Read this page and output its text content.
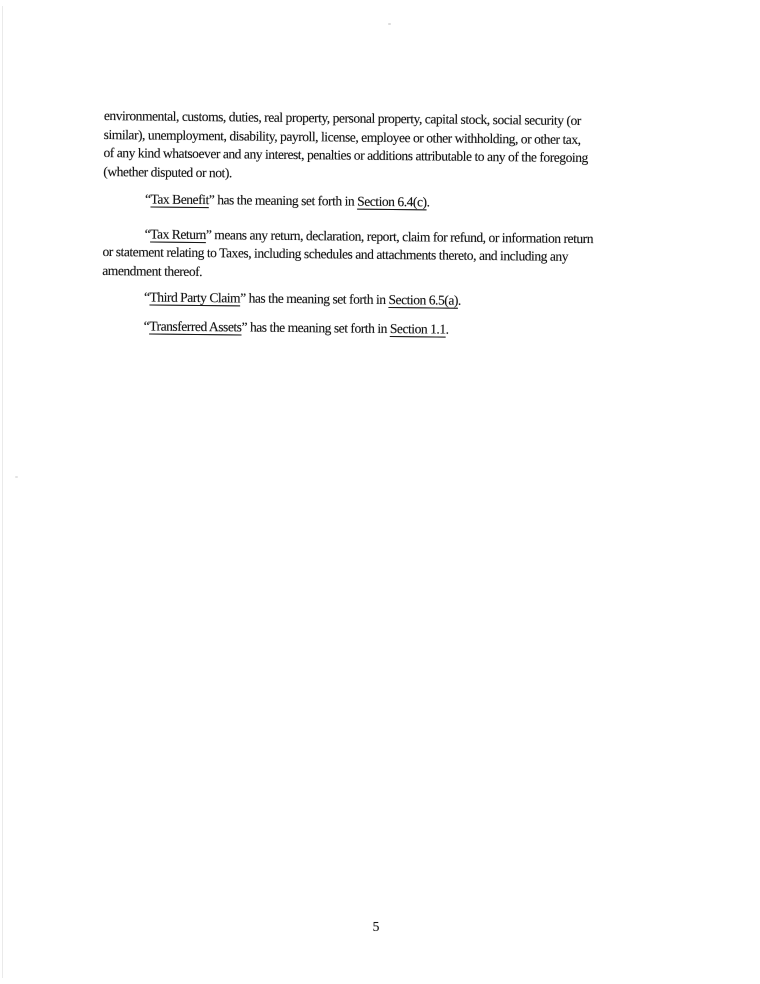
environmental, customs, duties, real property, personal property, capital stock, social security (or
similar), unemployment, disability, payroll, license, employee or other withholding, or other tax,
of any kind whatsoever and any interest, penalties or additions attributable to any of the foregoing
(whether disputed or not).
“Tax Benefit” has the meaning set forth in Section 6.4(c).
“Tax Return” means any return, declaration, report, claim for refund, or information return
or statement relating to Taxes, including schedules and attachments thereto, and including any
amendment thereof.
“Third Party Claim” has the meaning set forth in Section 6.5(a).
“Transferred Assets” has the meaning set forth in Section 1.1.
5
